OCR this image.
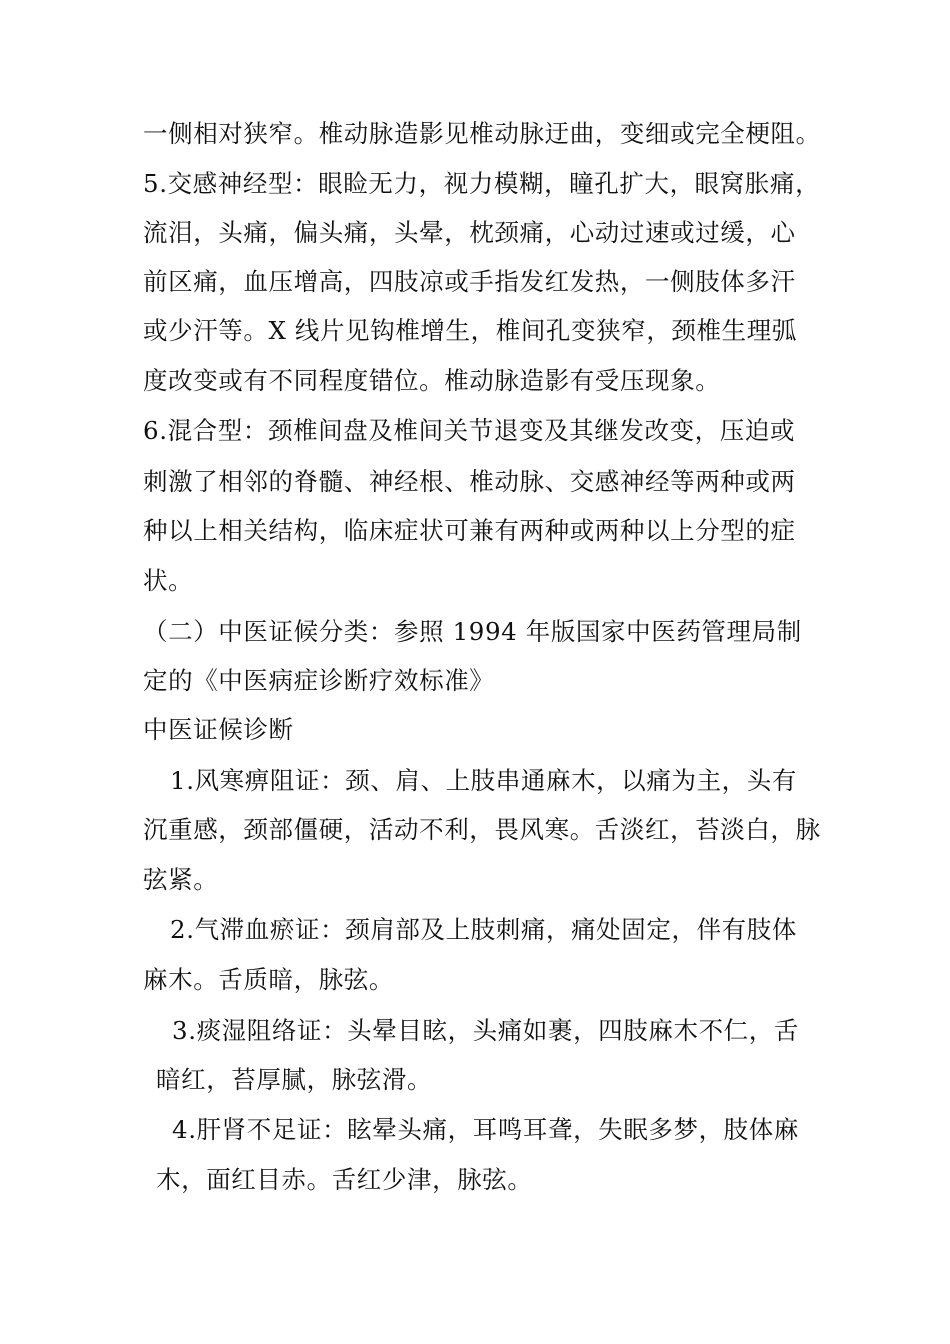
一侧相对狭窄。椎动脉造影见椎动脉迂曲，变细或完全梗阻。
5.交感神经型：眼睑无力，视力模糊，瞳孔扩大，眼窝胀痛，
流泪，头痛，偏头痛，头晕，枕颈痛，心动过速或过缓，心
前区痛，血压增高，四肢凉或手指发红发热，一侧肢体多汗
或少汗等。X 线片见钩椎增生，椎间孔变狭窄，颈椎生理弧
度改变或有不同程度错位。椎动脉造影有受压现象。
6.混合型：颈椎间盘及椎间关节退变及其继发改变，压迫或
刺激了相邻的脊髓、神经根、椎动脉、交感神经等两种或两
种以上相关结构，临床症状可兼有两种或两种以上分型的症
状。
（二）中医证候分类：参照 1994 年版国家中医药管理局制
定的《中医病症诊断疗效标准》
中医证候诊断
1.风寒痹阻证：颈、肩、上肢串通麻木，以痛为主，头有
沉重感，颈部僵硬，活动不利，畏风寒。舌淡红，苔淡白，脉
弦紧。
2.气滞血瘀证：颈肩部及上肢刺痛，痛处固定，伴有肢体
麻木。舌质暗，脉弦。
3.痰湿阻络证：头晕目眩，头痛如裹，四肢麻木不仁，舌
暗红，苔厚腻，脉弦滑。
4.肝肾不足证：眩晕头痛，耳鸣耳聋，失眠多梦，肢体麻
木，面红目赤。舌红少津，脉弦。
